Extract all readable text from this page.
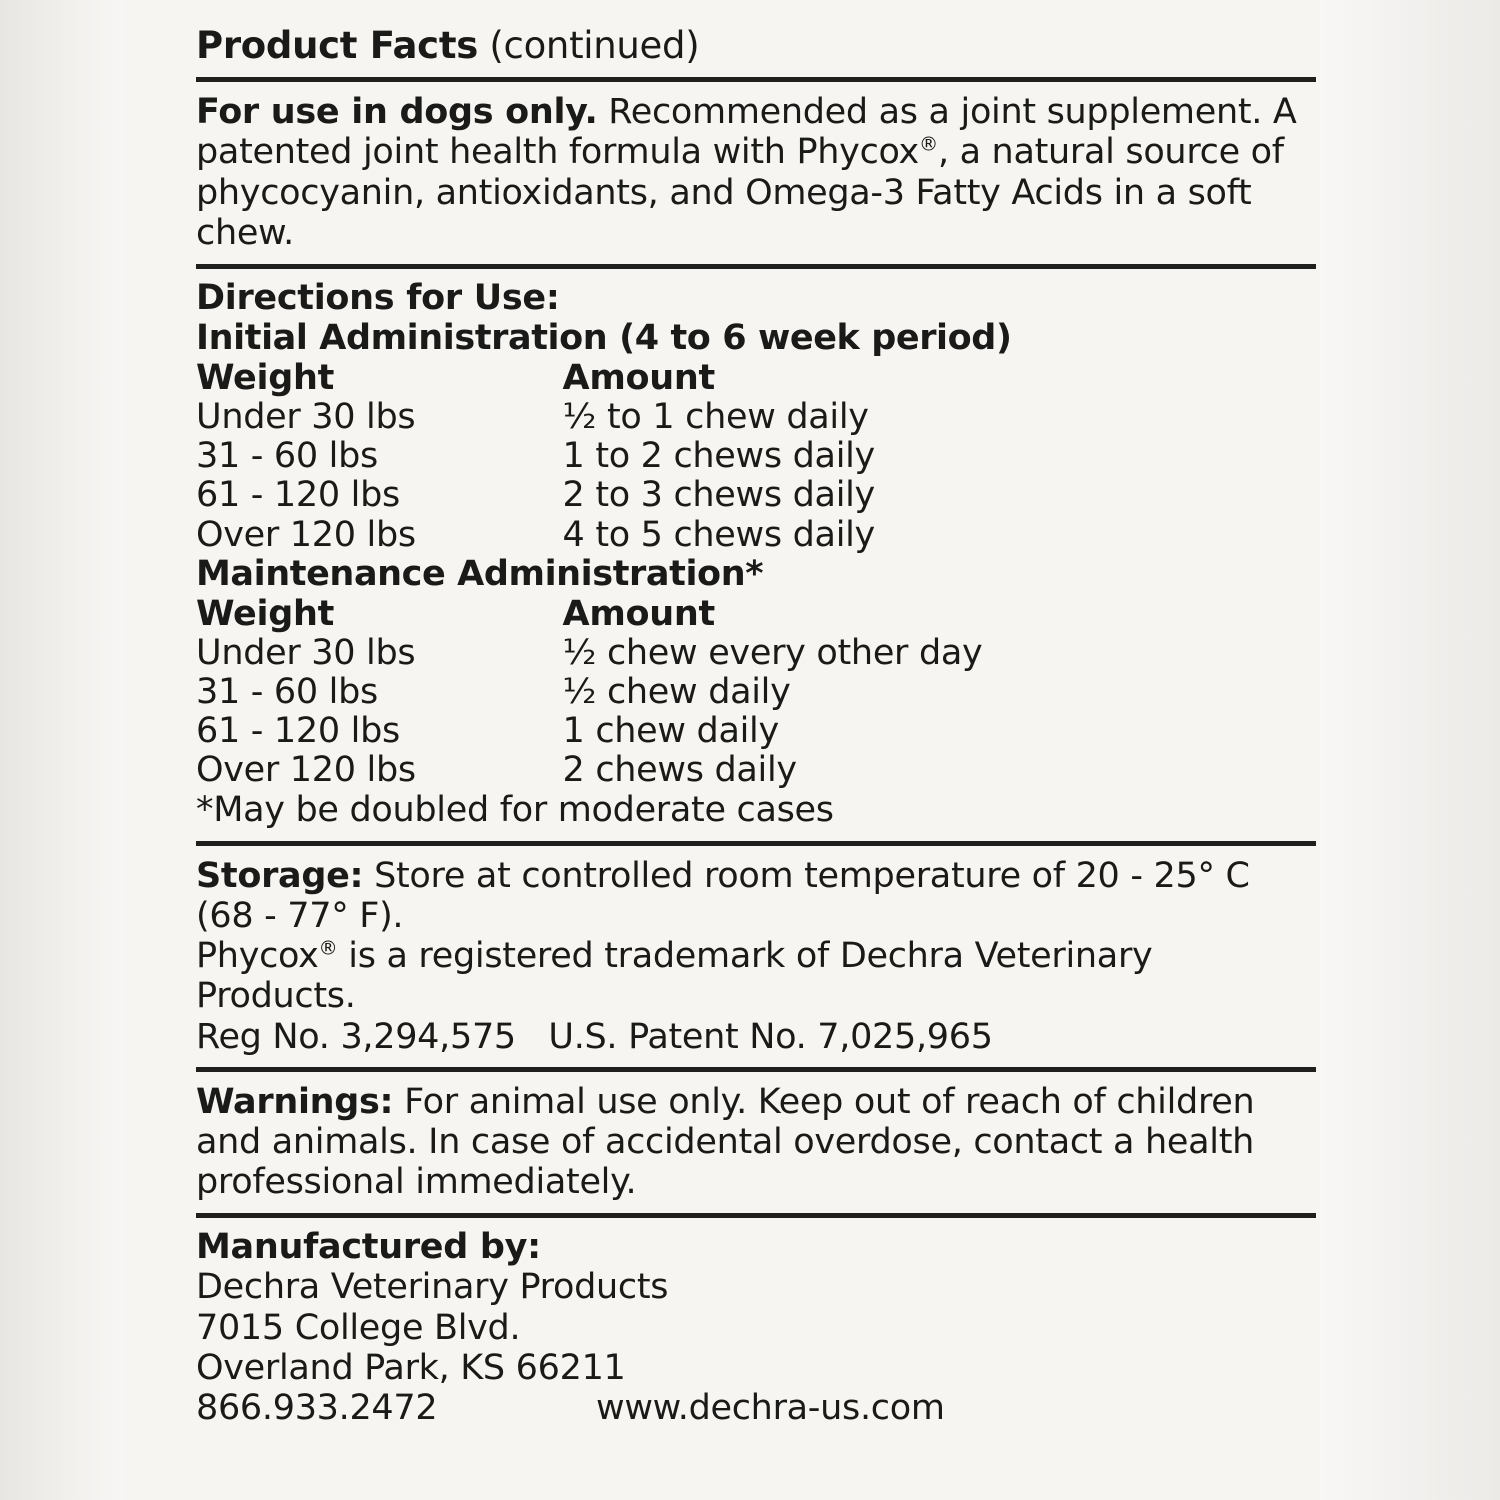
Product Facts (continued)
For use in dogs only. Recommended as a joint supplement. A patented joint health formula with Phycox®, a natural source of phycocyanin, antioxidants, and Omega-3 Fatty Acids in a soft chew.
Directions for Use:
Initial Administration (4 to 6 week period)
Weight	Amount
Under 30 lbs	½ to 1 chew daily
31 - 60 lbs	1 to 2 chews daily
61 - 120 lbs	2 to 3 chews daily
Over 120 lbs	4 to 5 chews daily
Maintenance Administration*
Weight	Amount
Under 30 lbs	½ chew every other day
31 - 60 lbs	½ chew daily
61 - 120 lbs	1 chew daily
Over 120 lbs	2 chews daily
*May be doubled for moderate cases
Storage: Store at controlled room temperature of 20 - 25° C (68 - 77° F).
Phycox® is a registered trademark of Dechra Veterinary Products.
Reg No. 3,294,575 U.S. Patent No. 7,025,965
Warnings: For animal use only. Keep out of reach of children and animals. In case of accidental overdose, contact a health professional immediately.
Manufactured by:
Dechra Veterinary Products
7015 College Blvd.
Overland Park, KS 66211
866.933.2472	www.dechra-us.com
